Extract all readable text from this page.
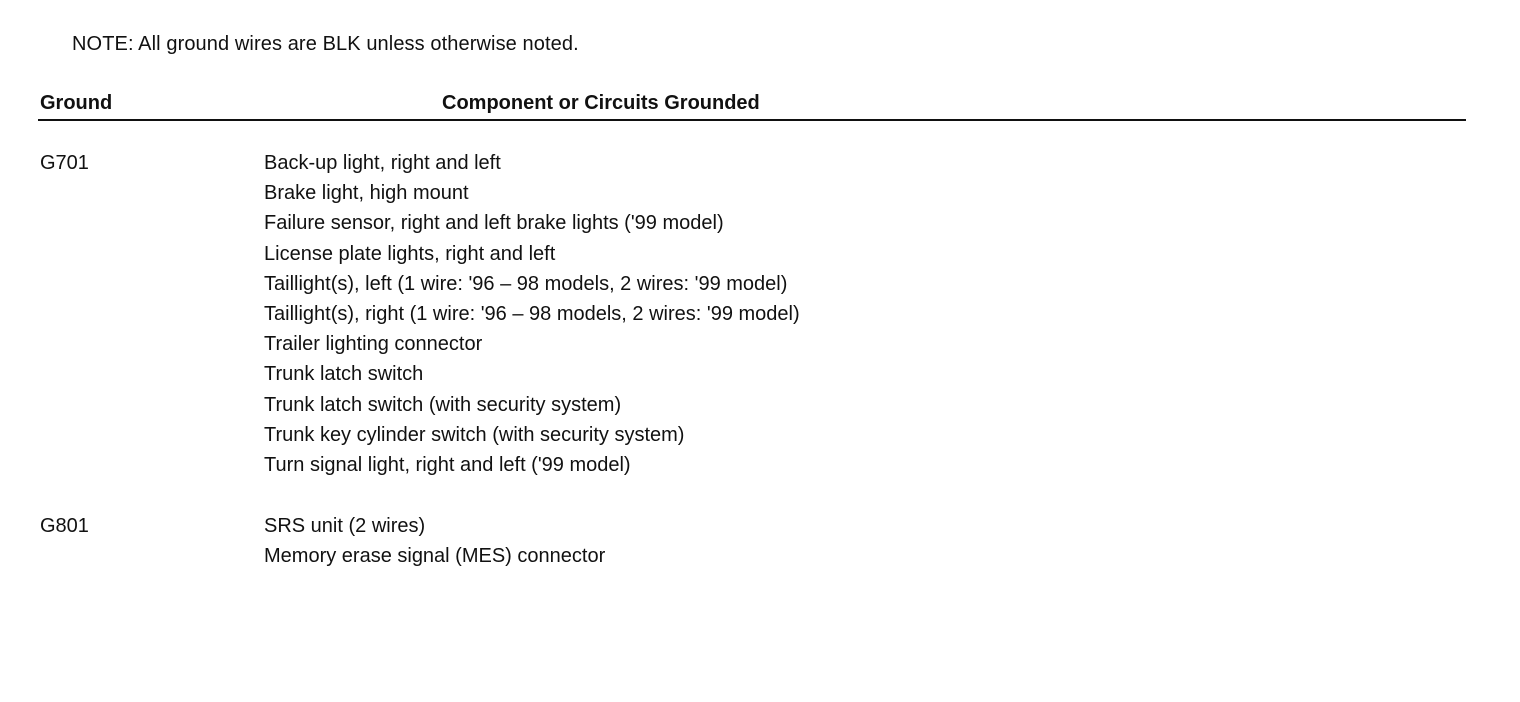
NOTE: All ground wires are BLK unless otherwise noted.
Ground	Component or Circuits Grounded
G701	Back-up light, right and left
Brake light, high mount
Failure sensor, right and left brake lights ('99 model)
License plate lights, right and left
Taillight(s), left (1 wire: '96 – 98 models, 2 wires: '99 model)
Taillight(s), right (1 wire: '96 – 98 models, 2 wires: '99 model)
Trailer lighting connector
Trunk latch switch
Trunk latch switch (with security system)
Trunk key cylinder switch (with security system)
Turn signal light, right and left ('99 model)
G801	SRS unit (2 wires)
Memory erase signal (MES) connector
